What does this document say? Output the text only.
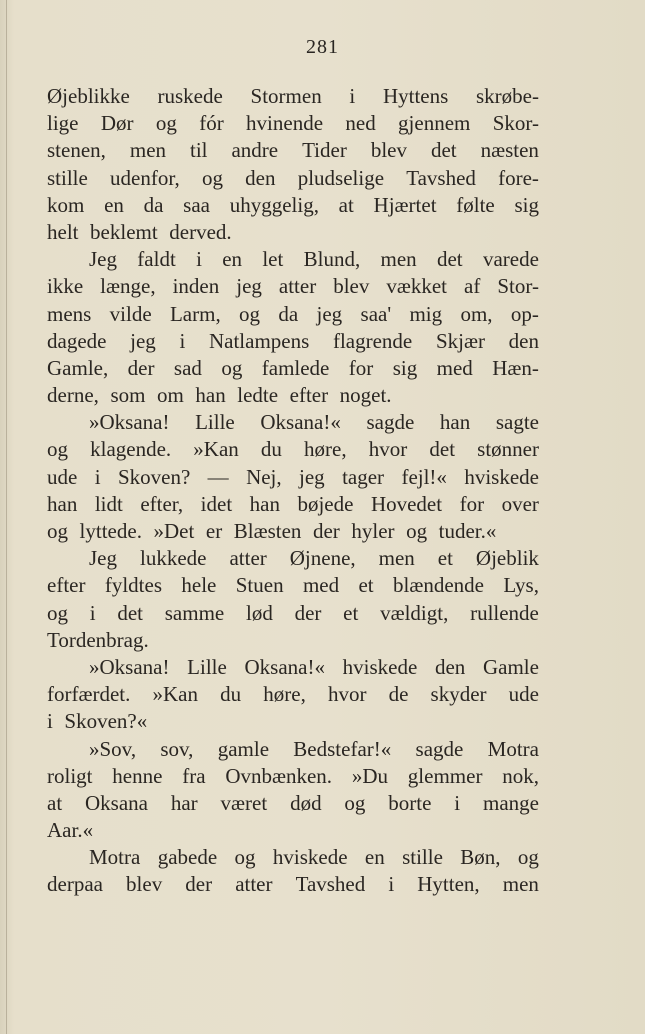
281
Øjeblikke ruskede Stormen i Hyttens skrøbe-
lige Dør og fór hvinende ned gjennem Skor-
stenen, men til andre Tider blev det næsten
stille udenfor, og den pludselige Tavshed fore-
kom en da saa uhyggelig, at Hjærtet følte sig
helt beklemt derved.
Jeg faldt i en let Blund, men det varede
ikke længe, inden jeg atter blev vækket af Stor-
mens vilde Larm, og da jeg saa' mig om, op-
dagede jeg i Natlampens flagrende Skjær den
Gamle, der sad og famlede for sig med Hæn-
derne, som om han ledte efter noget.
»Oksana! Lille Oksana!« sagde han sagte
og klagende. »Kan du høre, hvor det stønner
ude i Skoven? — Nej, jeg tager fejl!« hviskede
han lidt efter, idet han bøjede Hovedet for over
og lyttede. »Det er Blæsten der hyler og tuder.«
Jeg lukkede atter Øjnene, men et Øjeblik
efter fyldtes hele Stuen med et blændende Lys,
og i det samme lød der et vældigt, rullende
Tordenbrag.
»Oksana! Lille Oksana!« hviskede den Gamle
forfærdet. »Kan du høre, hvor de skyder ude
i Skoven?«
»Sov, sov, gamle Bedstefar!« sagde Motra
roligt henne fra Ovnbænken. »Du glemmer nok,
at Oksana har været død og borte i mange
Aar.«
Motra gabede og hviskede en stille Bøn, og
derpaa blev der atter Tavshed i Hytten, men
